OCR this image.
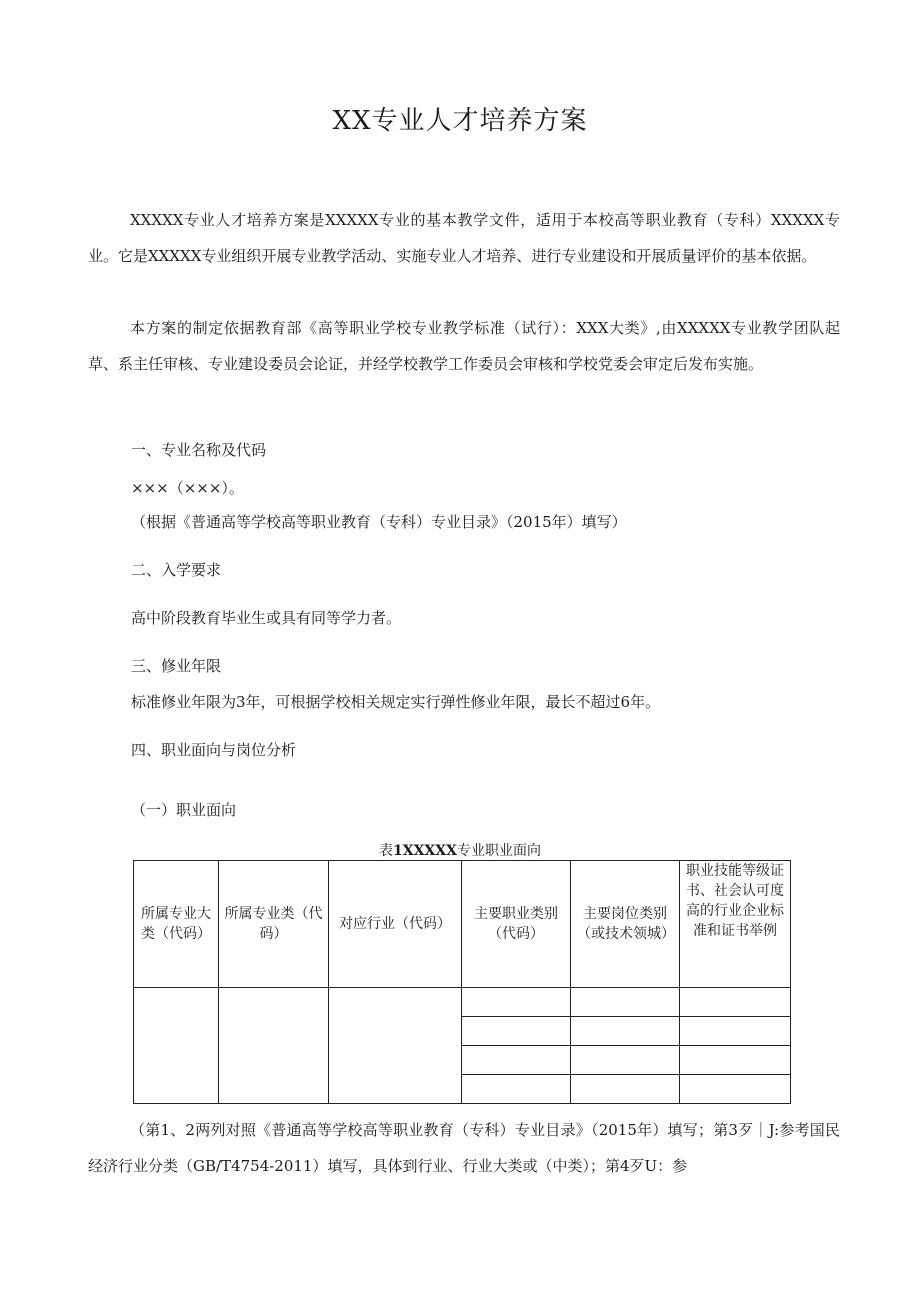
XX专业人才培养方案

XXXXX专业人才培养方案是XXXXX专业的基本教学文件，适用于本校高等职业教育（专科）XXXXX专业。它是XXXXX专业组织开展专业教学活动、实施专业人才培养、进行专业建设和开展质量评价的基本依据。

本方案的制定依据教育部《高等职业学校专业教学标准（试行）：XXX大类》,由XXXXX专业教学团队起草、系主任审核、专业建设委员会论证，并经学校教学工作委员会审核和学校党委会审定后发布实施。

一、专业名称及代码

×××（×××）。

（根据《普通高等学校高等职业教育（专科）专业目录》（2015年）填写）

二、入学要求

高中阶段教育毕业生或具有同等学力者。

三、修业年限

标准修业年限为3年，可根据学校相关规定实行弹性修业年限，最长不超过6年。

四、职业面向与岗位分析

（一）职业面向

表1XXXXX专业职业面向
所属专业大类（代码）	所属专业类（代码）	对应行业（代码）	主要职业类别（代码）	主要岗位类别（或技术领城）	职业技能等级证书、社会认可度高的行业企业标准和证书举例

（第1、2两列对照《普通高等学校高等职业教育（专科）专业目录》（2015年）填写；第3歹｜J:参考国民经济行业分类（GB/T4754-2011）填写，具体到行业、行业大类或（中类）；第4歹U：参
